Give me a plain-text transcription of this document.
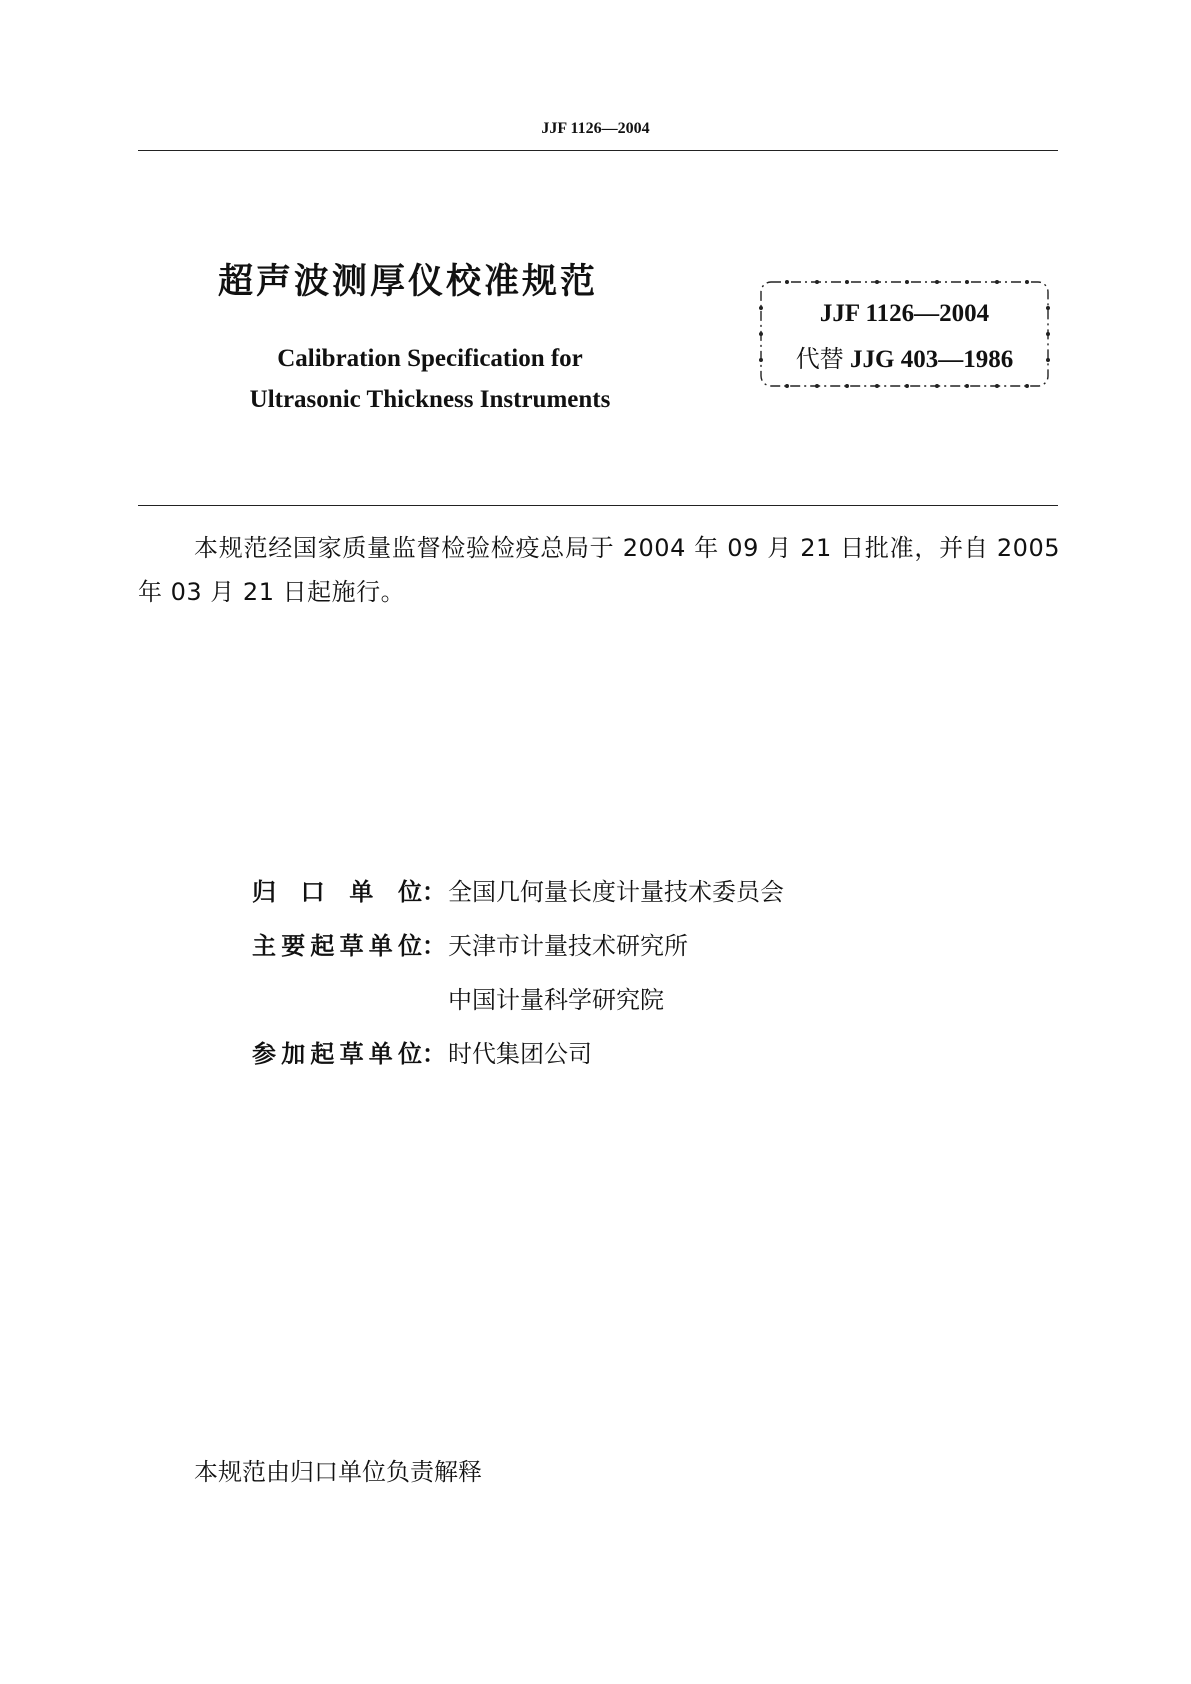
JJF 1126—2004
超声波测厚仪校准规范
Calibration Specification for
Ultrasonic Thickness Instruments
JJF 1126—2004
代替 JJG 403—1986
本规范经国家质量监督检验检疫总局于 2004 年 09 月 21 日批准，并自 2005 年 03 月 21 日起施行。
归口单位 ： 全国几何量长度计量技术委员会
主要起草单位 ： 天津市计量技术研究所
中国计量科学研究院
参加起草单位 ： 时代集团公司
本规范由归口单位负责解释
